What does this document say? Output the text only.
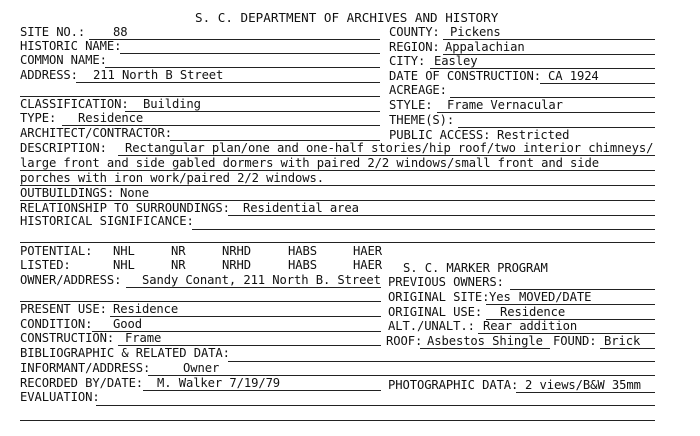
S. C. DEPARTMENT OF ARCHIVES AND HISTORY
SITE NO.: 88
HISTORIC NAME:
COMMON NAME:
ADDRESS: 211 North B Street
CLASSIFICATION: Building
TYPE: Residence
ARCHITECT/CONTRACTOR:
COUNTY: Pickens
REGION: Appalachian
CITY: Easley
DATE OF CONSTRUCTION: CA 1924
ACREAGE:
STYLE: Frame Vernacular
THEME(S):
PUBLIC ACCESS: Restricted
DESCRIPTION: Rectangular plan/one and one-half stories/hip roof/two interior chimneys/
large front and side gabled dormers with paired 2/2 windows/small front and side
porches with iron work/paired 2/2 windows.
OUTBUILDINGS: None
RELATIONSHIP TO SURROUNDINGS: Residential area
HISTORICAL SIGNIFICANCE:
POTENTIAL: NHL	NR	NRHD	HABS	HAER
LISTED:	NHL	NR	NRHD	HABS	HAER S. C. MARKER PROGRAM
OWNER/ADDRESS: Sandy Conant, 211 North B. Street PREVIOUS OWNERS:
ORIGINAL SITE: Yes MOVED/DATE
PRESENT USE: Residence	ORIGINAL USE: Residence
CONDITION: Good	ALT./UNALT.: Rear addition
CONSTRUCTION: Frame	ROOF: Asbestos Shingle FOUND: Brick
BIBLIOGRAPHIC & RELATED DATA:
INFORMANT/ADDRESS:	Owner
RECORDED BY/DATE: M. Walker 7/19/79	PHOTOGRAPHIC DATA: 2 views/B&W 35mm
EVALUATION:
